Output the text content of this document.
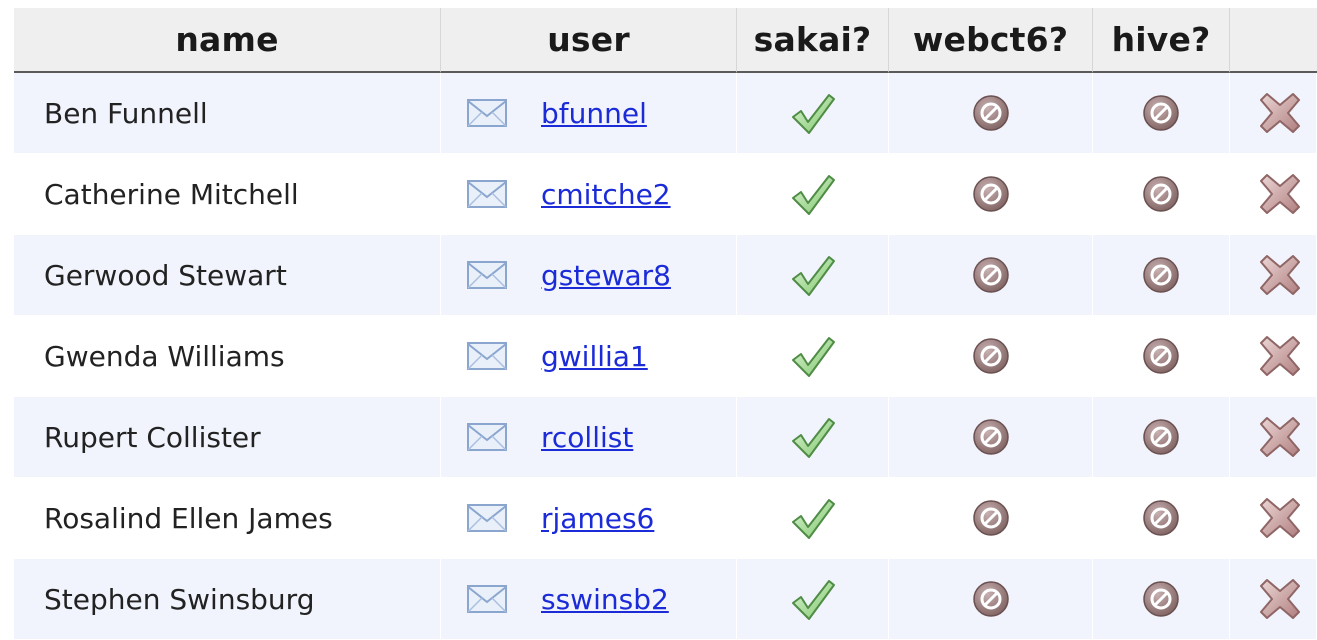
name	user	sakai?	webct6?	hive?	
Ben Funnell	bfunnel

Catherine Mitchell	cmitche2

Gerwood Stewart	gstewar8

Gwenda Williams	gwillia1

Rupert Collister	rcollist

Rosalind Ellen James	rjames6

Stephen Swinsburg	sswinsb2
